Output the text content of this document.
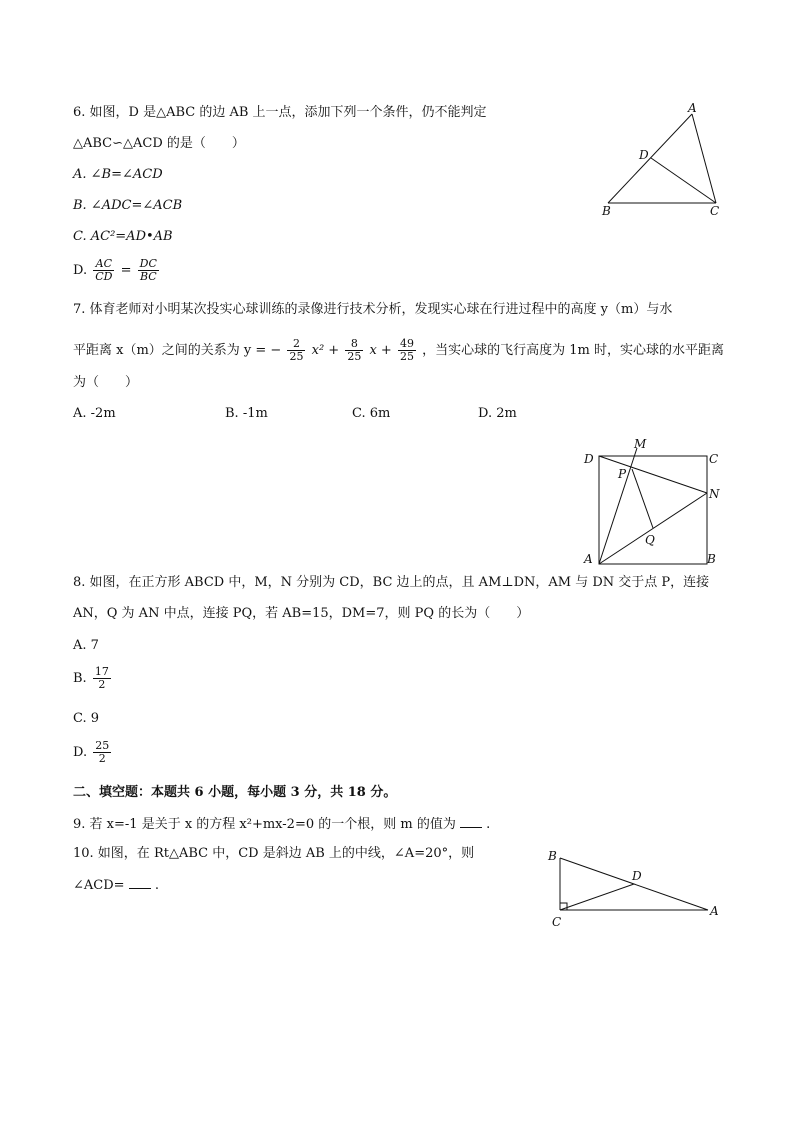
6. 如图，D 是△ABC 的边 AB 上一点，添加下列一个条件，仍不能判定
△ABC∽△ACD 的是（　　）
A. ∠B=∠ACD
B. ∠ADC=∠ACB
C. AC²=AD•AB
D. $\frac{AC}{CD} = \frac{DC}{BC}$
A
D
B	C
7. 体育老师对小明某次投实心球训练的录像进行技术分析，发现实心球在行进过程中的高度 y（m）与水
平距离 x（m）之间的关系为 y = − $\frac{2}{25} x^2 + \frac{8}{25}$ $x + \frac{49}{25}$ ，当实心球的飞行高度为 1m 时，实心球的水平距离
为（　　）
A. -2m	B. -1m	C. 6m	D. 2m
M
D	C
P
N
Q
A	B
8. 如图，在正方形 ABCD 中，M，N 分别为 CD，BC 边上的点，且 AM⊥DN，AM 与 DN 交于点 P，连接
AN，Q 为 AN 中点，连接 PQ，若 AB=15，DM=7，则 PQ 的长为（　　）
A. 7
B. $\frac{17}{2}$
C. 9
D. $\frac{25}{2}$
二、填空题：本题共 6 小题，每小题 3 分，共 18 分。
9. 若 x=-1 是关于 x 的方程 x²+mx-2=0 的一个根，则 m 的值为  .
10. 如图，在 Rt△ABC 中，CD 是斜边 AB 上的中线，∠A=20°，则
∠ACD=  .
B
D
A
C
